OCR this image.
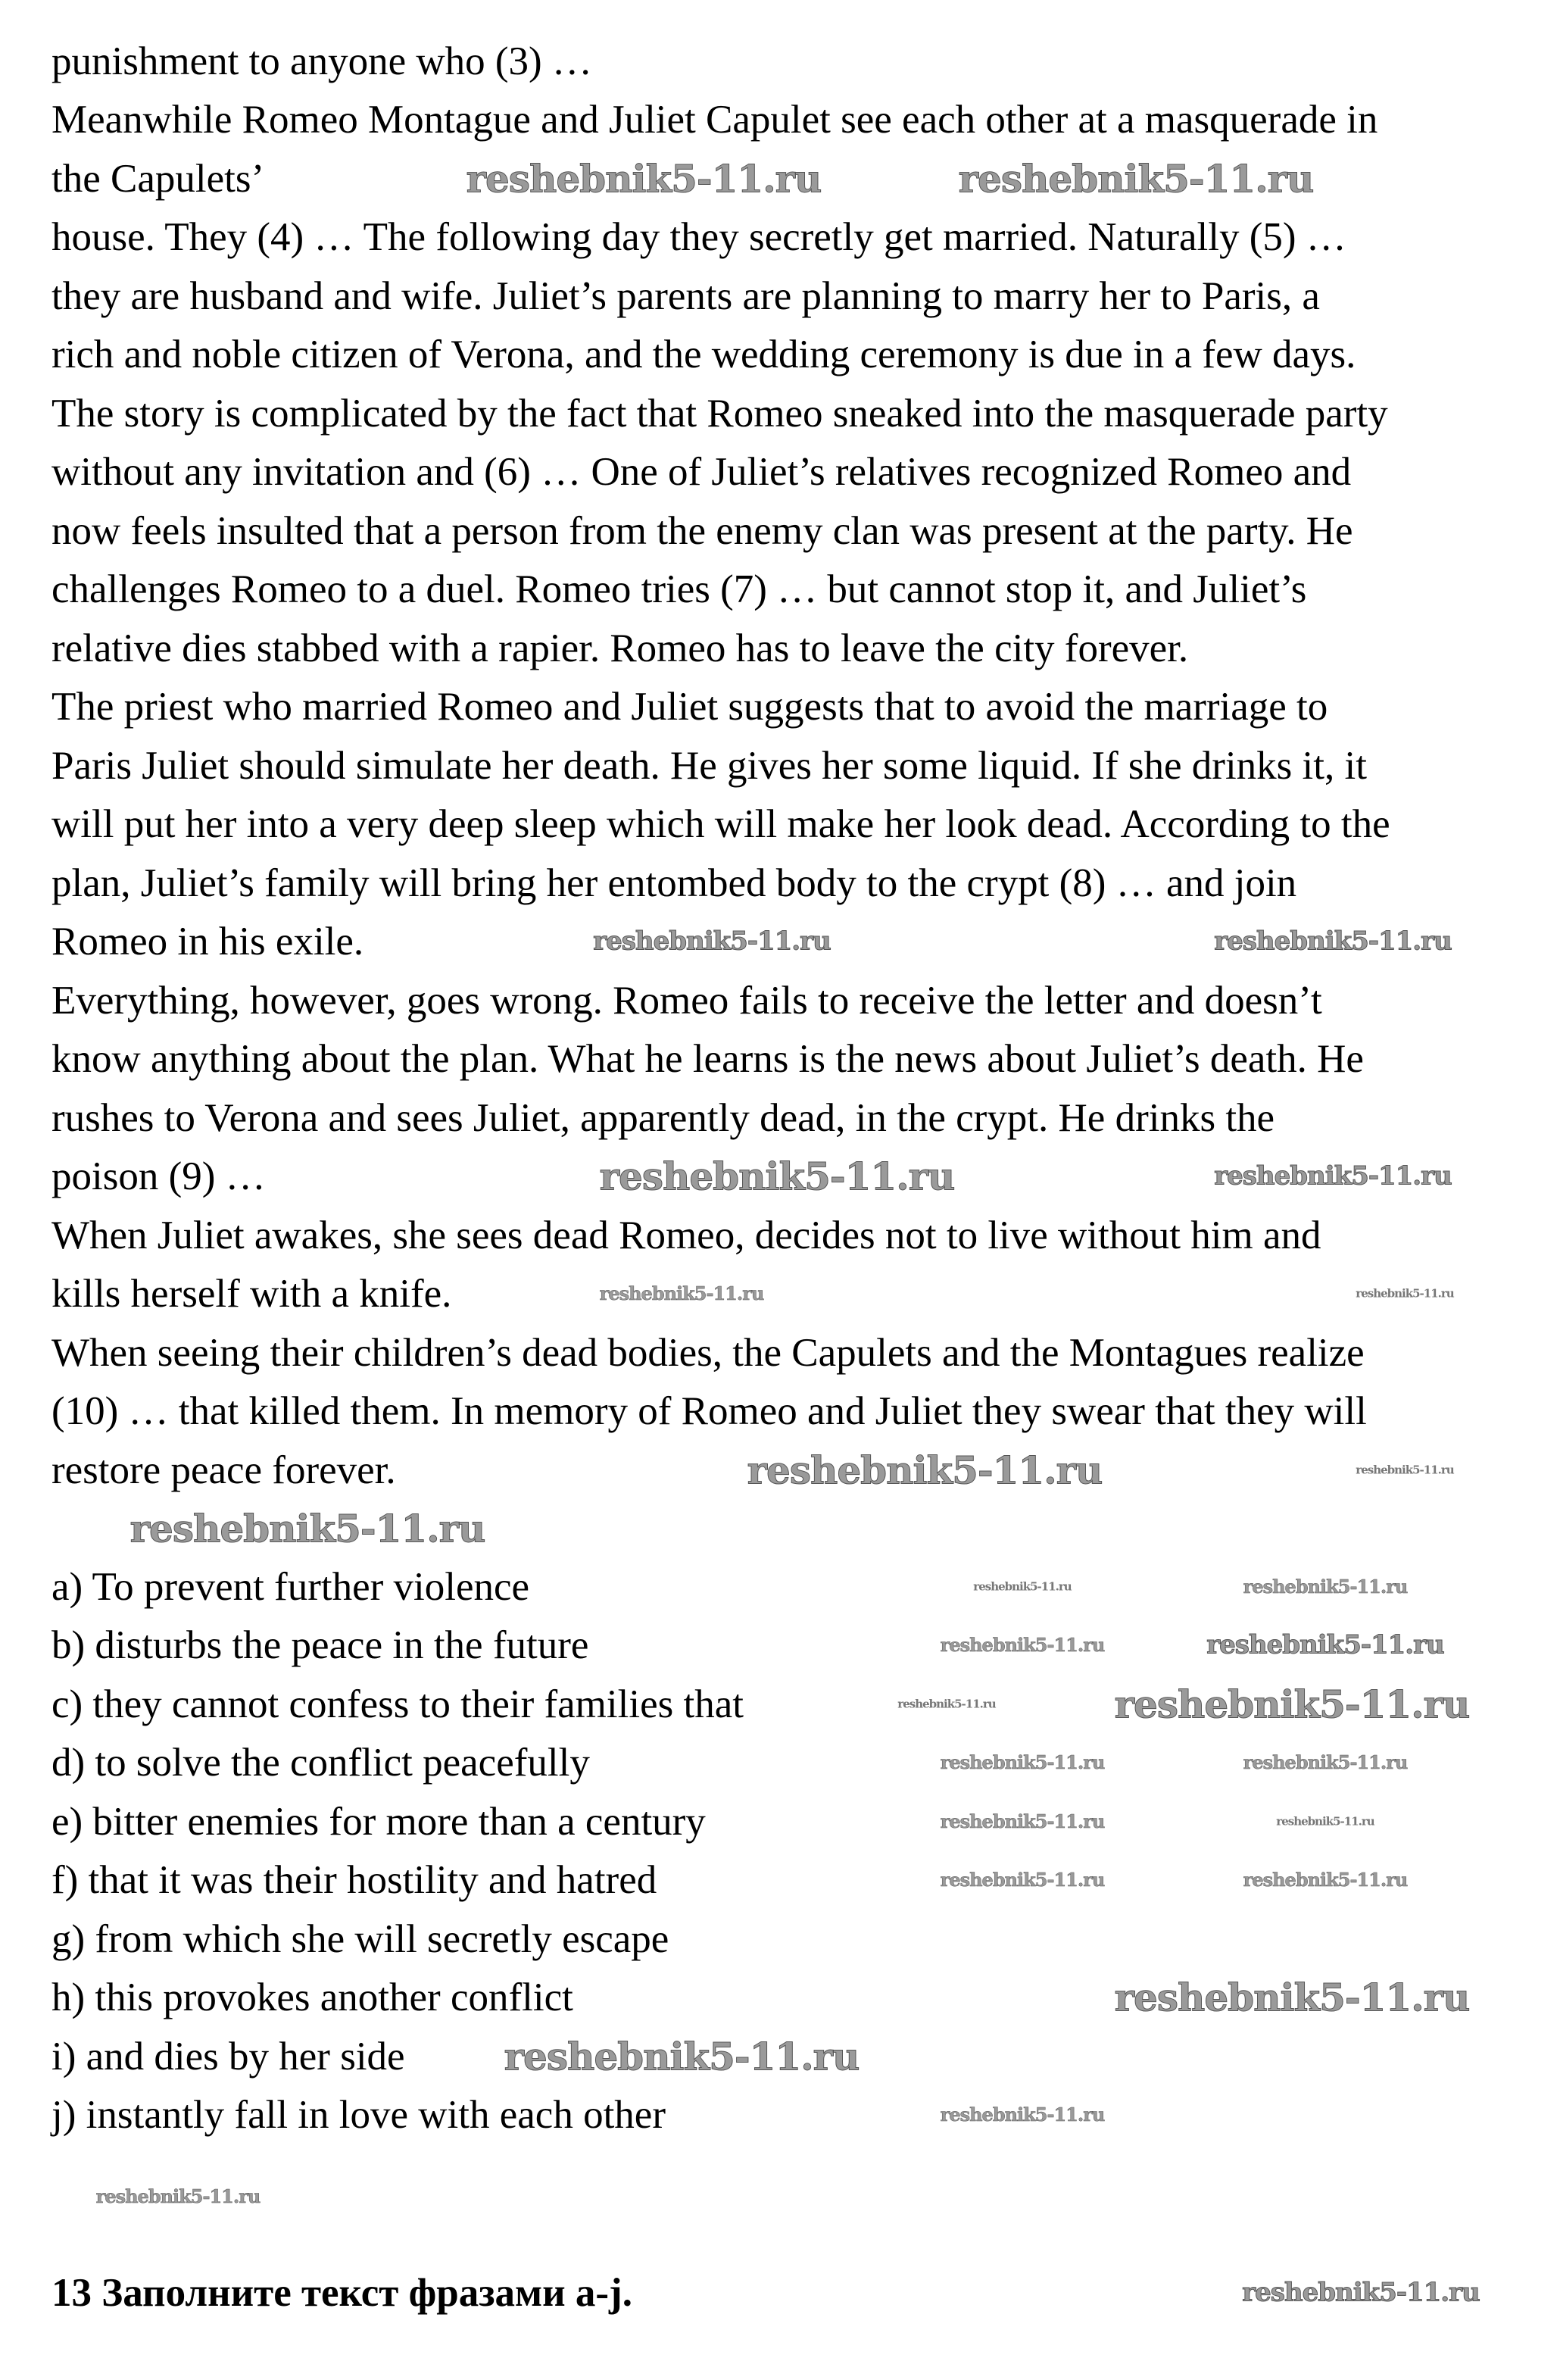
punishment to anyone who (3) …
Meanwhile Romeo Montague and Juliet Capulet see each other at a masquerade in
the Capulets’
house. They (4) … The following day they secretly get married. Naturally (5) …
they are husband and wife. Juliet’s parents are planning to marry her to Paris, a
rich and noble citizen of Verona, and the wedding ceremony is due in a few days.
The story is complicated by the fact that Romeo sneaked into the masquerade party
without any invitation and (6) … One of Juliet’s relatives recognized Romeo and
now feels insulted that a person from the enemy clan was present at the party. He
challenges Romeo to a duel. Romeo tries (7) … but cannot stop it, and Juliet’s
relative dies stabbed with a rapier. Romeo has to leave the city forever.
The priest who married Romeo and Juliet suggests that to avoid the marriage to
Paris Juliet should simulate her death. He gives her some liquid. If she drinks it, it
will put her into a very deep sleep which will make her look dead. According to the
plan, Juliet’s family will bring her entombed body to the crypt (8) … and join
Romeo in his exile.
Everything, however, goes wrong. Romeo fails to receive the letter and doesn’t
know anything about the plan. What he learns is the news about Juliet’s death. He
rushes to Verona and sees Juliet, apparently dead, in the crypt. He drinks the
poison (9) …
When Juliet awakes, she sees dead Romeo, decides not to live without him and
kills herself with a knife.
When seeing their children’s dead bodies, the Capulets and the Montagues realize
(10) … that killed them. In memory of Romeo and Juliet they swear that they will
restore peace forever.
a) To prevent further violence
b) disturbs the peace in the future
c) they cannot confess to their families that
d) to solve the conflict peacefully
e) bitter enemies for more than a century
f) that it was their hostility and hatred
g) from which she will secretly escape
h) this provokes another conflict
i) and dies by her side
j) instantly fall in love with each other
13 Заполните текст фразами a-j.
reshebnik5-11.ru	reshebnik5-11.ru
reshebnik5-11.ru	reshebnik5-11.ru
reshebnik5-11.ru	reshebnik5-11.ru
reshebnik5-11.ru	reshebnik5-11.ru
reshebnik5-11.ru	reshebnik5-11.ru
reshebnik5-11.ru	reshebnik5-11.ru
reshebnik5-11.ru
reshebnik5-11.ru
reshebnik5-11.ru	reshebnik5-11.ru
reshebnik5-11.ru
reshebnik5-11.ru
reshebnik5-11.ru
reshebnik5-11.ru	reshebnik5-11.ru
reshebnik5-11.ru	reshebnik5-11.ru
reshebnik5-11.ru
reshebnik5-11.ru
reshebnik5-11.ru
reshebnik5-11.ru
reshebnik5-11.ru
